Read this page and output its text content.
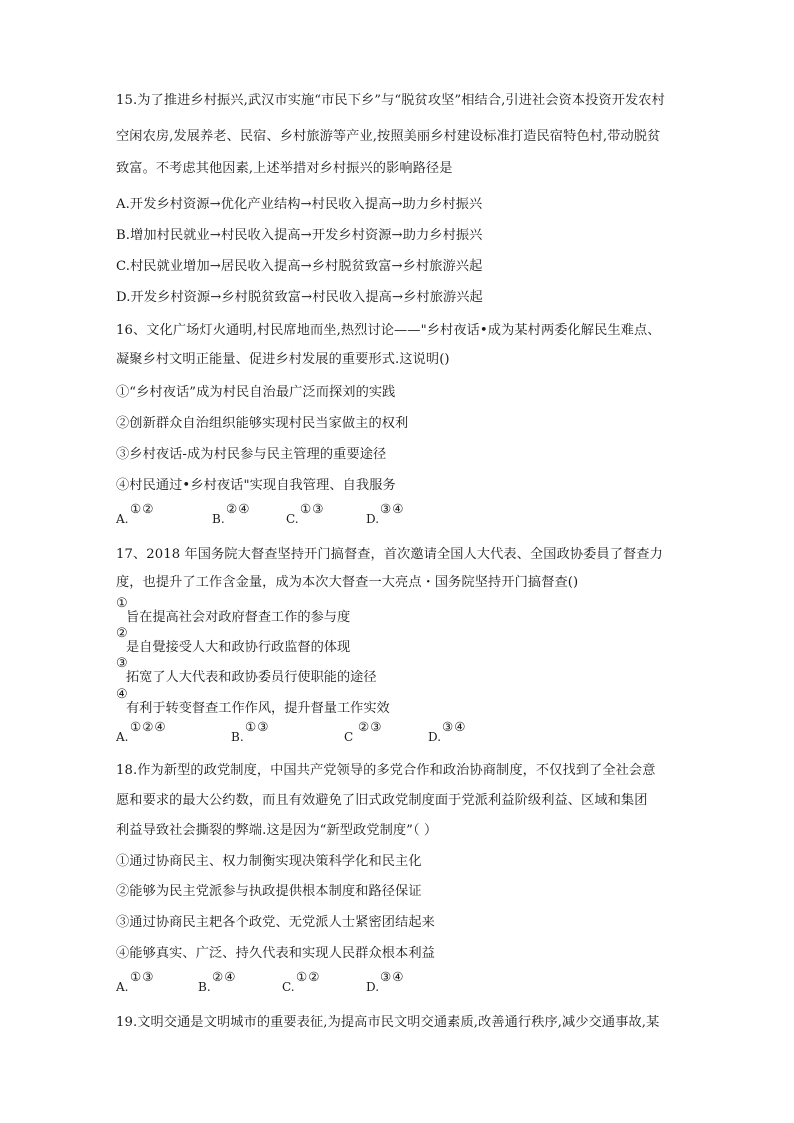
15.为了推进乡村振兴,武汉市实施“市民下乡”与“脱贫攻坚”相结合,引进社会资本投资开发农村
空闲农房,发展养老、民宿、乡村旅游等产业,按照美丽乡村建设标准打造民宿特色村,带动脱贫
致富。不考虑其他因素,上述举措对乡村振兴的影响路径是
A.开发乡村资源→优化产业结构→村民收入提高→助力乡村振兴
B.增加村民就业→村民收入提高→开发乡村资源→助力乡村振兴
C.村民就业增加→居民收入提高→乡村脱贫致富→乡村旅游兴起
D.开发乡村资源→乡村脱贫致富→村民收入提高→乡村旅游兴起
16、文化广场灯火通明,村民席地而坐,热烈讨论——"乡村夜话•成为某村两委化解民生难点、
凝聚乡村文明正能量、促进乡村发展的重要形式.这说明()
①“乡村夜话”成为村民自治最广泛而探刘的实践
②创新群众自治组织能够实现村民当家做主的权利
③乡村夜话-成为村民参与民主管理的重要途径
④村民通过•乡村夜话"实现自我管理、自我服务
A.
①②
B.
②④
C.
①③
D.
③④
17、2018 年国务院大督查坚持开门搞督查，首次邀请全国人大代表、全国政协委員了督查力
度，也提升了工作含金量，成为本次大督查一大亮点・国务院坚持开门搞督查()
①
旨在提高社会对政府督查工作的参与度
②
是自覺接受人大和政协行政监督的体现
③
拓宽了人大代表和政协委员行使职能的途径
④
有利于转变督查工作作风，提升督量工作实效
A.
①②④
B.
①③
C
②③
D.
③④
18.作为新型的政党制度，中国共产党领导的多党合作和政治协商制度，不仅找到了全社会意
愿和要求的最大公约数，而且有效避免了旧式政党制度面于党派利益阶级利益、区域和集团
利益导致社会撕裂的弊端.这是因为“新型政党制度”（ ）
①通过协商民主、权力制衡实现决策科学化和民主化
②能够为民主党派参与执政提供根本制度和路径保证
③通过协商民主耙各个政党、无党派人士紧密团结起来
④能够真实、广泛、持久代表和实现人民群众根本利益
A.
①③
B.
②④
C.
①②
D.
③④
19.文明交通是文明城市的重要表征,为提高市民文明交通素质,改善通行秩序,减少交通事故,某
